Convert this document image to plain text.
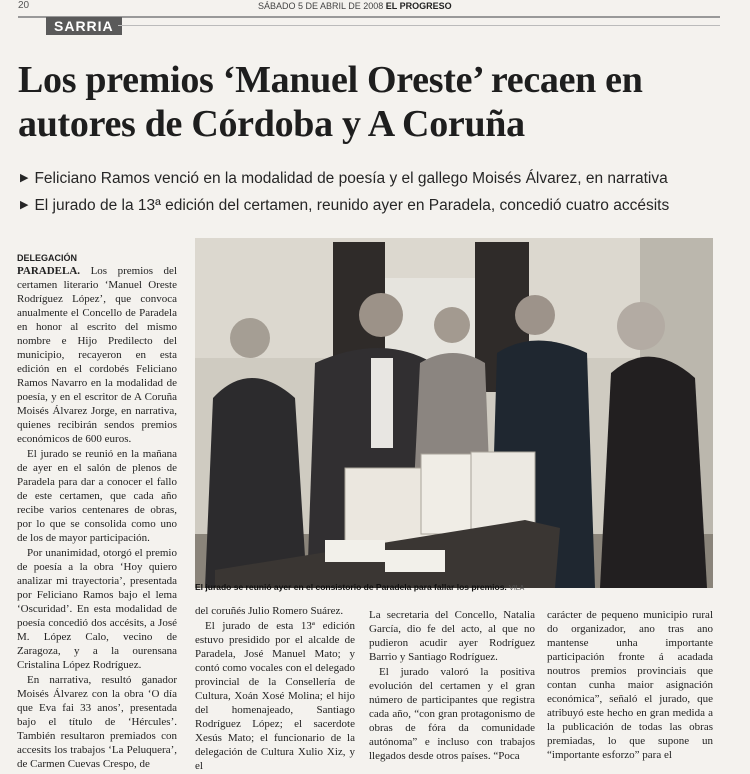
20	SÁBADO 5 DE ABRIL DE 2008 EL PROGRESO
SARRIA
Los premios ‘Manuel Oreste’ recaen en autores de Córdoba y A Coruña
▶ Feliciano Ramos venció en la modalidad de poesía y el gallego Moisés Álvarez, en narrativa
▶ El jurado de la 13ª edición del certamen, reunido ayer en Paradela, concedió cuatro accésits
DELEGACIÓN

PARADELA. Los premios del certamen literario ‘Manuel Oreste Rodríguez López’, que convoca anualmente el Concello de Paradela en honor al escrito del mismo nombre e Hijo Predilecto del municipio, recayeron en esta edición en el cordobés Feliciano Ramos Navarro en la modalidad de poesía, y en el escritor de A Coruña Moisés Álvarez Jorge, en narrativa, quienes recibirán sendos premios económicos de 600 euros.

El jurado se reunió en la mañana de ayer en el salón de plenos de Paradela para dar a conocer el fallo de este certamen, que cada año recibe varios centenares de obras, por lo que se consolida como uno de los de mayor participación.

Por unanimidad, otorgó el premio de poesía a la obra ‘Hoy quiero analizar mi trayectoria’, presentada por Feliciano Ramos bajo el lema ‘Oscuridad’. En esta modalidad de poesía concedió dos accésits, a José M. López Calo, vecino de Zaragoza, y a la ourensana Cristalina López Rodríguez.

En narrativa, resultó ganador Moisés Álvarez con la obra ‘O día que Eva fai 33 anos’, presentada bajo el título de ‘Hércules’. También resultaron premiados con accesits los trabajos ‘La Peluquera’, de Carmen Cuevas Crespo, de

El jurado se reunió ayer en el consistorio de Paradela para fallar los premios. VILA

del coruñés Julio Romero Suárez.

El jurado de esta 13ª edición estuvo presidido por el alcalde de Paradela, José Manuel Mato; y contó como vocales con el delegado provincial de la Consellería de Cultura, Xoán Xosé Molina; el hijo del homenajeado, Santiago Rodríguez López; el sacerdote Xesús Mato; el funcionario de la delegación de Cultura Xulio Xiz, y el

La secretaria del Concello, Natalia García, dio fe del acto, al que no pudieron acudir ayer Rodríguez Barrio y Santiago Rodríguez.

El jurado valoró la positiva evolución del certamen y el gran número de participantes que registra cada año, “con gran protagonismo de obras de fóra da comunidade autónoma” e incluso con trabajos llegados desde otros países. “Poca

carácter de pequeno municipio rural do organizador, ano tras ano mantense unha importante participación fronte á acadada noutros premios provinciais que contan cunha maior asignación económica”, señaló el jurado, que atribuyó este hecho en gran medida a la publicación de todas las obras premiadas, lo que supone un “importante esforzo” para el
